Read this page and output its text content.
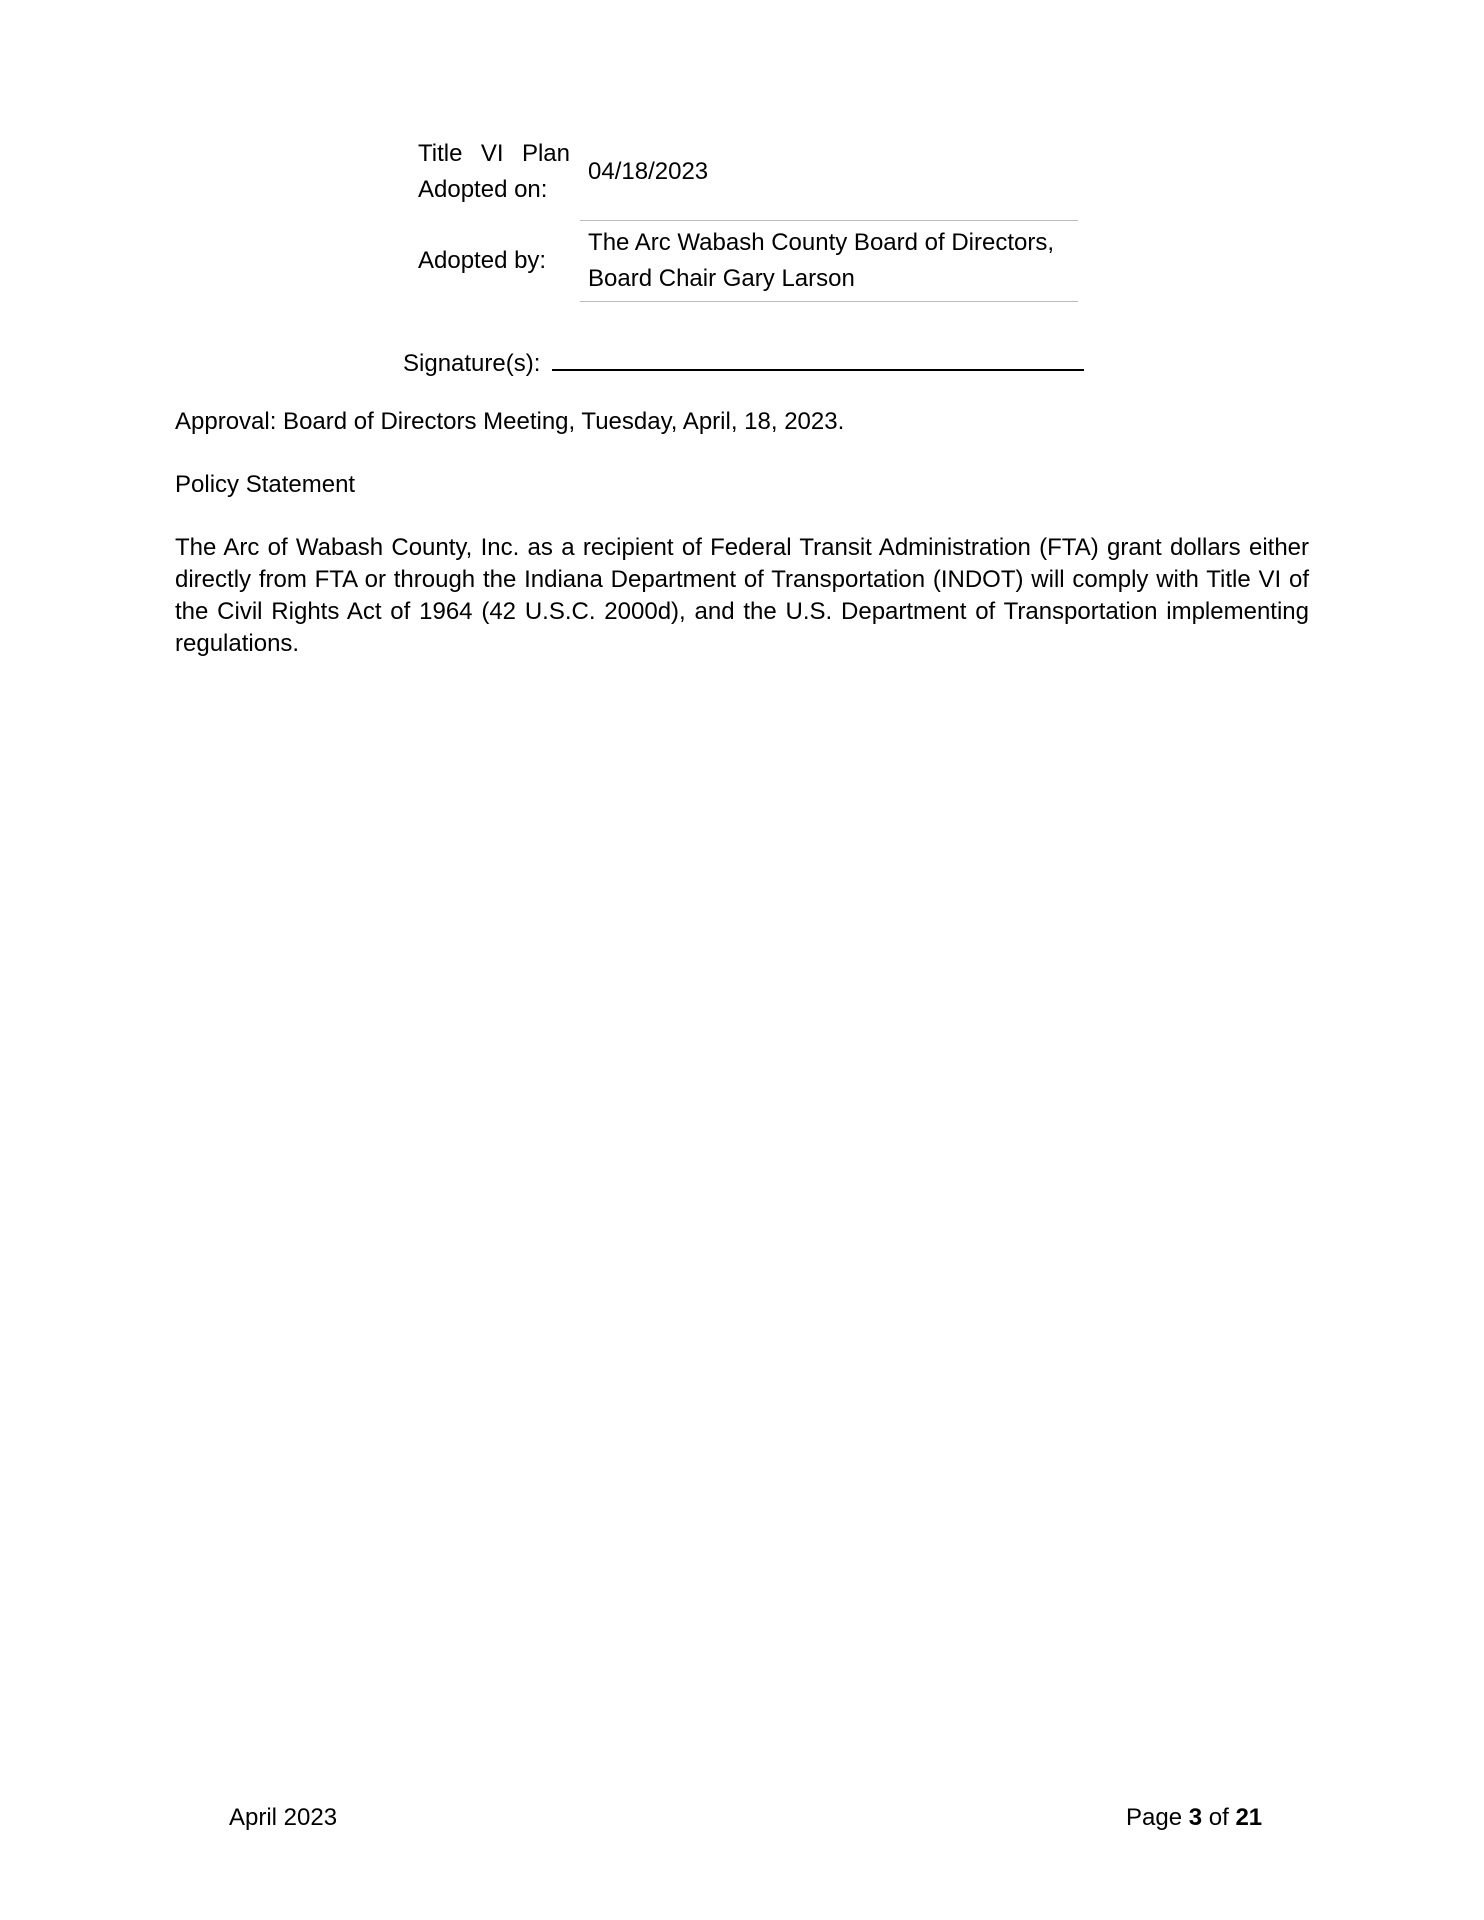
Title VI Plan
Adopted on:	04/18/2023
Adopted by:	The Arc Wabash County Board of Directors,
Board Chair Gary Larson
Signature(s):

Approval: Board of Directors Meeting, Tuesday, April, 18, 2023.

Policy Statement

The Arc of Wabash County, Inc. as a recipient of Federal Transit Administration (FTA) grant dollars either directly from FTA or through the Indiana Department of Transportation (INDOT) will comply with Title VI of the Civil Rights Act of 1964 (42 U.S.C. 2000d), and the U.S. Department of Transportation implementing regulations.

April 2023	Page 3 of 21
